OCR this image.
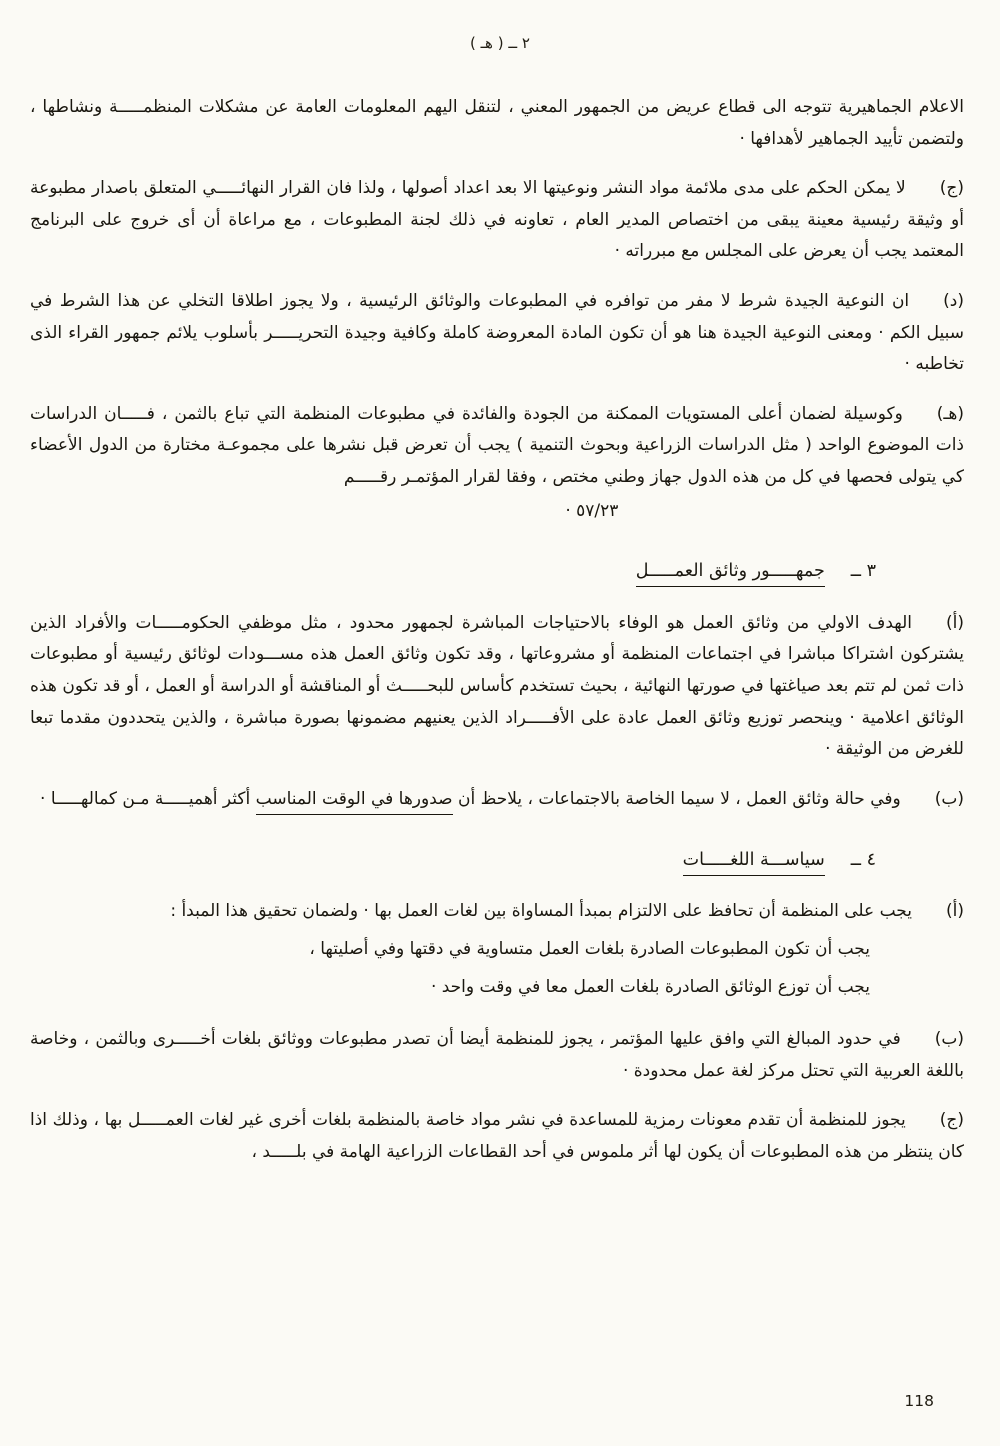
٢ ــ ( هـ )

الاعلام الجماهيرية تتوجه الى قطاع عريض من الجمهور المعني ، لتنقل اليهم المعلومات العامة عن مشكلات المنظمـــــة ونشاطها ، ولتضمن تأييد الجماهير لأهدافها ·

(ج)لا يمكن الحكم على مدى ملائمة مواد النشر ونوعيتها الا بعد اعداد أصولها ، ولذا فان القرار النهائـــــي المتعلق باصدار مطبوعة أو وثيقة رئيسية معينة يبقى من اختصاص المدير العام ، تعاونه في ذلك لجنة المطبوعات ، مع مراعاة أن أى خروج على البرنامج المعتمد يجب أن يعرض على المجلس مع مبرراته ·

(د)ان النوعية الجيدة شرط لا مفر من توافره في المطبوعات والوثائق الرئيسية ، ولا يجوز اطلاقا التخلي عن هذا الشرط في سبيل الكم · ومعنى النوعية الجيدة هنا هو أن تكون المادة المعروضة كاملة وكافية وجيدة التحريـــــر بأسلوب يلائم جمهور القراء الذى تخاطبه ·

(هـ)وكوسيلة لضمان أعلى المستويات الممكنة من الجودة والفائدة في مطبوعات المنظمة التي تباع بالثمن ، فـــــان الدراسات ذات الموضوع الواحد ( مثل الدراسات الزراعية وبحوث التنمية ) يجب أن تعرض قبل نشرها على مجموعـة مختارة من الدول الأعضاء كي يتولى فحصها في كل من هذه الدول جهاز وطني مختص ، وفقا لقرار المؤتمـر رقـــــم

٥٧/٢٣ ·
٣ ــجمهـــــور وثائق العمـــــل

(أ)الهدف الاولي من وثائق العمل هو الوفاء بالاحتياجات المباشرة لجمهور محدود ، مثل موظفي الحكومـــــات والأفراد الذين يشتركون اشتراكا مباشرا في اجتماعات المنظمة أو مشروعاتها ، وقد تكون وثائق العمل هذه مســـودات لوثائق رئيسية أو مطبوعات ذات ثمن لم تتم بعد صياغتها في صورتها النهائية ، بحيث تستخدم كأساس للبحـــــث أو المناقشة أو الدراسة أو العمل ، أو قد تكون هذه الوثائق اعلامية · وينحصر توزيع وثائق العمل عادة على الأفـــــراد الذين يعنيهم مضمونها بصورة مباشرة ، والذين يتحددون مقدما تبعا للغرض من الوثيقة ·

(ب)وفي حالة وثائق العمل ، لا سيما الخاصة بالاجتماعات ، يلاحظ أن صدورها في الوقت المناسب أكثر أهميـــــة مـن كمالهـــــا ·

٤ ــسياســـة اللغـــــات

(أ)يجب على المنظمة أن تحافظ على الالتزام بمبدأ المساواة بين لغات العمل بها · ولضمان تحقيق هذا المبدأ :

يجب أن تكون المطبوعات الصادرة بلغات العمل متساوية في دقتها وفي أصليتها ،
يجب أن توزع الوثائق الصادرة بلغات العمل معا في وقت واحد ·

(ب)في حدود المبالغ التي وافق عليها المؤتمر ، يجوز للمنظمة أيضا أن تصدر مطبوعات ووثائق بلغات أخـــــرى وبالثمن ، وخاصة باللغة العربية التي تحتل مركز لغة عمل محدودة ·

(ج)يجوز للمنظمة أن تقدم معونات رمزية للمساعدة في نشر مواد خاصة بالمنظمة بلغات أخرى غير لغات العمـــــل بها ، وذلك اذا كان ينتظر من هذه المطبوعات أن يكون لها أثر ملموس في أحد القطاعات الزراعية الهامة في بلـــــد ،

118
